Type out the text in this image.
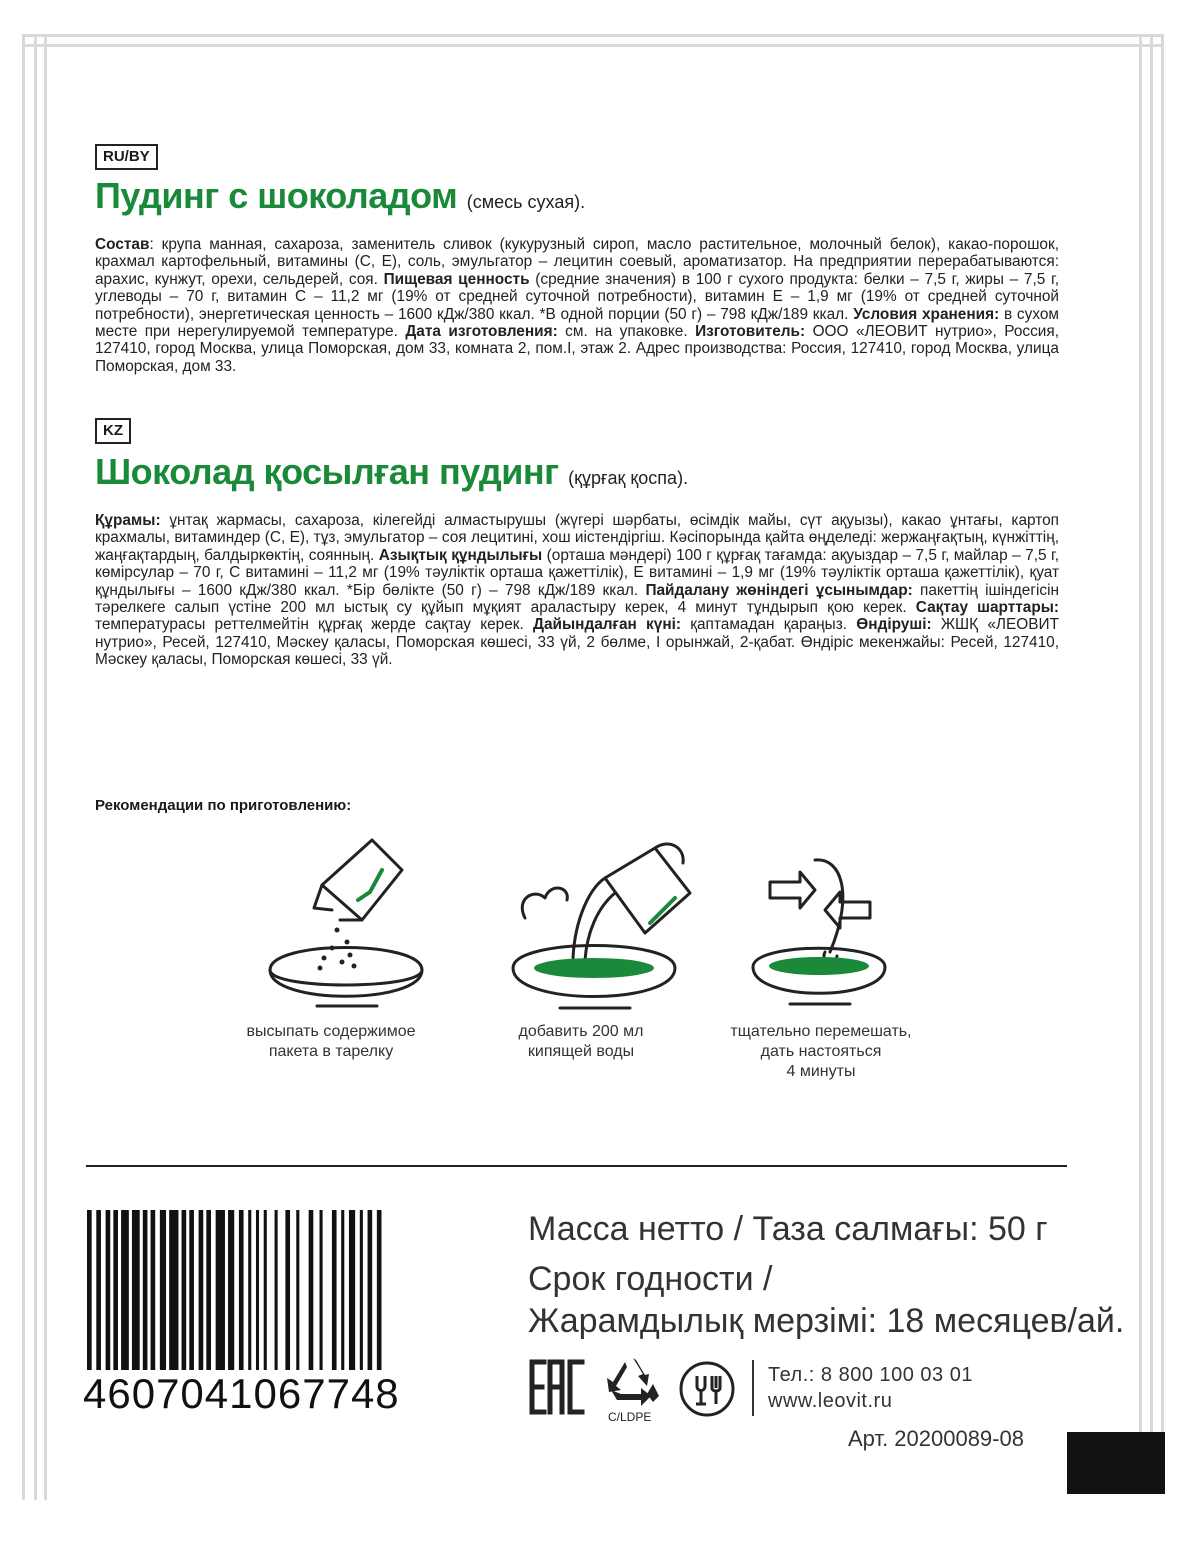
RU/BY
Пудинг с шоколадом (смесь сухая).
Состав: крупа манная, сахароза, заменитель сливок (кукурузный сироп, масло растительное, молочный белок), какао-порошок, крахмал картофельный, витамины (С, Е), соль, эмульгатор – лецитин соевый, ароматизатор. На предприятии перерабатываются: арахис, кунжут, орехи, сельдерей, соя. Пищевая ценность (средние значения) в 100 г сухого продукта: белки – 7,5 г, жиры – 7,5 г, углеводы – 70 г, витамин С – 11,2 мг (19% от средней суточной потребности), витамин Е – 1,9 мг (19% от средней суточной потребности), энергетическая ценность – 1600 кДж/380 ккал. *В одной порции (50 г) – 798 кДж/189 ккал. Условия хранения: в сухом месте при нерегулируемой температуре. Дата изготовления: см. на упаковке. Изготовитель: ООО «ЛЕОВИТ нутрио», Россия, 127410, город Москва, улица Поморская, дом 33, комната 2, пом.I, этаж 2. Адрес производства: Россия, 127410, город Москва, улица Поморская, дом 33.
KZ
Шоколад қосылған пудинг (құрғақ қоспа).
Құрамы: ұнтақ жармасы, сахароза, кілегейді алмастырушы (жүгері шәрбаты, өсімдік майы, сүт ақуызы), какао ұнтағы, картоп крахмалы, витаминдер (С, Е), тұз, эмульгатор – соя лецитині, хош иістендіргіш. Кәсіпорында қайта өңделеді: жержаңғақтың, күнжіттің, жаңғақтардың, балдыркөктің, соянның. Азықтық құндылығы (орташа мәндері) 100 г құрғақ тағамда: ақуыздар – 7,5 г, майлар – 7,5 г, көмірсулар – 70 г, С витамині – 11,2 мг (19% тәуліктік орташа қажеттілік), Е витамині – 1,9 мг (19% тәуліктік орташа қажеттілік), қуат құндылығы – 1600 кДж/380 ккал. *Бір бөлікте (50 г) – 798 кДж/189 ккал. Пайдалану жөніндегі ұсынымдар: пакеттің ішіндегісін тәрелкеге салып үстіне 200 мл ыстық су құйып мұқият араластыру керек, 4 минут тұндырып қою керек. Сақтау шарттары: температурасы реттелмейтін құрғақ жерде сақтау керек. Дайындалған күні: қаптамадан қараңыз. Өндіруші: ЖШҚ «ЛЕОВИТ нутрио», Ресей, 127410, Мәскеу қаласы, Поморская көшесі, 33 үй, 2 бөлме, I орынжай, 2-қабат. Өндіріс мекенжайы: Ресей, 127410, Мәскеу қаласы, Поморская көшесі, 33 үй.
Рекомендации по приготовлению:
высыпать содержимое
пакета в тарелку
добавить 200 мл
кипящей воды
тщательно перемешать,
дать настояться
4 минуты
4607041067748
Масса нетто / Таза салмағы: 50 г
Срок годности /
Жарамдылық мерзімі: 18 месяцев/ай.
C/LDPE
Тел.: 8 800 100 03 01
www.leovit.ru
Арт. 20200089-08
